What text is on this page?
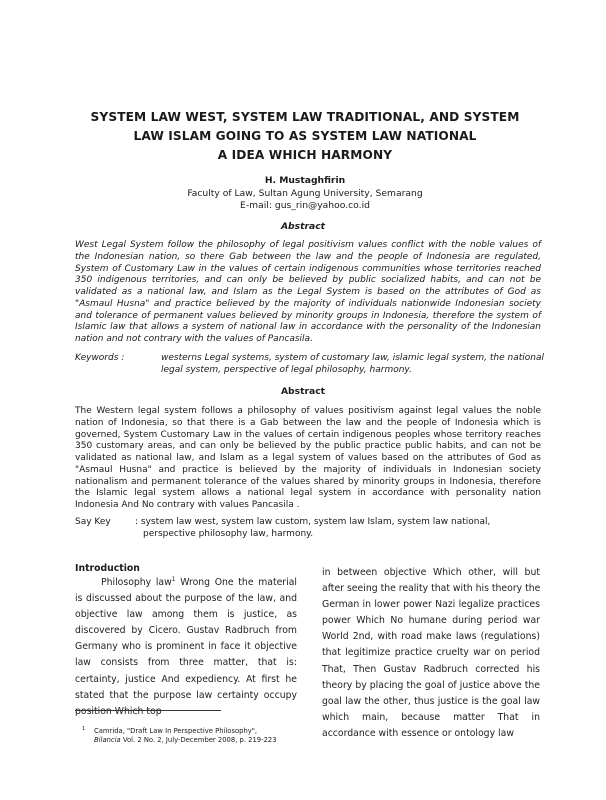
SYSTEM LAW WEST, SYSTEM LAW TRADITIONAL, AND SYSTEM
LAW ISLAM GOING TO AS SYSTEM LAW NATIONAL
A IDEA WHICH HARMONY
H. Mustaghfirin
Faculty of Law, Sultan Agung University, Semarang
E-mail: gus_rin@yahoo.co.id
Abstract
West Legal System follow the philosophy of legal positivism values conflict with the noble values of the Indonesian nation, so there Gab between the law and the people of Indonesia are regulated, System of Customary Law in the values of certain indigenous communities whose territories reached 350 indigenous territories, and can only be believed by public socialized habits, and can not be validated as a national law, and Islam as the Legal System is based on the attributes of God as "Asmaul Husna" and practice believed by the majority of individuals nationwide Indonesian society and tolerance of permanent values believed by minority groups in Indonesia, therefore the system of Islamic law that allows a system of national law in accordance with the personality of the Indonesian nation and not contrary with the values of Pancasila.
Keywords :	westerns Legal systems, system of customary law, islamic legal system, the national
legal system, perspective of legal philosophy, harmony.
Abstract
The Western legal system follows a philosophy of values positivism against legal values the noble nation of Indonesia, so that there is a Gab between the law and the people of Indonesia which is governed, System Customary Law in the values of certain indigenous peoples whose territory reaches 350 customary areas, and can only be believed by the public practice public habits, and can not be validated as national law, and Islam as a legal system of values based on the attributes of God as "Asmaul Husna" and practice is believed by the majority of individuals in Indonesian society nationalism and permanent tolerance of the values shared by minority groups in Indonesia, therefore the Islamic legal system allows a national legal system in accordance with personality nation Indonesia And No contrary with values Pancasila .
Say Key	: system law west, system law custom, system law Islam, system law national,
perspective philosophy law, harmony.
Introduction
Philosophy law$^1$ Wrong One the material
is discussed about the purpose of the law, and
objective law among them is justice, as
discovered by Cicero. Gustav Radbruch from
Germany who is prominent in face it objective
law consists from three matter, that is:
certainty, justice And expediency. At first he
stated that the purpose law certainty occupy
position Which top
in between objective Which other, will but
after seeing the reality that with his theory the
German in lower power Nazi legalize practices
power Which No humane during period war
World 2nd, with road make laws (regulations)
that legitimize practice cruelty war on period
That, Then Gustav Radbruch corrected his
theory by placing the goal of justice above the
goal law the other, thus justice is the goal law
which main, because matter That in
accordance with essence or ontology law
1 Camrida, "Draft Law In Perspective Philosophy",
Bilancia Vol. 2 No. 2, July-December 2008, p. 219-223
